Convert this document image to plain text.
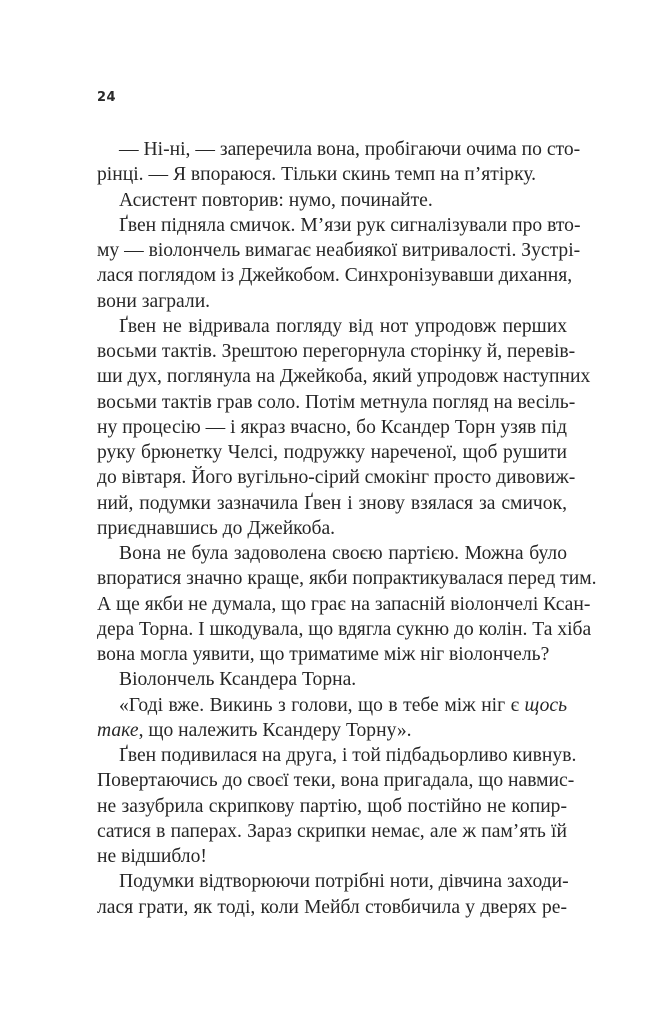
24
— Ні-ні, — заперечила вона, пробігаючи очима по сто-
рінці. — Я впораюся. Тільки скинь темп на п’ятірку.
Асистент повторив: нумо, починайте.
Ґвен підняла смичок. М’язи рук сигналізували про вто-
му — віолончель вимагає неабиякої витривалості. Зустрі-
лася поглядом із Джейкобом. Синхронізувавши дихання,
вони заграли.
Ґвен не відривала погляду від нот упродовж перших
восьми тактів. Зрештою перегорнула сторінку й, перевів-
ши дух, поглянула на Джейкоба, який упродовж наступних
восьми тактів грав соло. Потім метнула погляд на весіль-
ну процесію — і якраз вчасно, бо Ксандер Торн узяв під
руку брюнетку Челсі, подружку нареченої, щоб рушити
до вівтаря. Його вугільно-сірий смокінг просто дивовиж-
ний, подумки зазначила Ґвен і знову взялася за смичок,
приєднавшись до Джейкоба.
Вона не була задоволена своєю партією. Можна було
впоратися значно краще, якби попрактикувалася перед тим.
А ще якби не думала, що грає на запасній віолончелі Ксан-
дера Торна. І шкодувала, що вдягла сукню до колін. Та хіба
вона могла уявити, що триматиме між ніг віолончель?
Віолончель Ксандера Торна.
«Годі вже. Викинь з голови, що в тебе між ніг є щось
таке, що належить Ксандеру Торну».
Ґвен подивилася на друга, і той підбадьорливо кивнув.
Повертаючись до своєї теки, вона пригадала, що навмис-
не зазубрила скрипкову партію, щоб постійно не копир-
сатися в паперах. Зараз скрипки немає, але ж пам’ять їй
не відшибло!
Подумки відтворюючи потрібні ноти, дівчина заходи-
лася грати, як тоді, коли Мейбл стовбичила у дверях ре-
